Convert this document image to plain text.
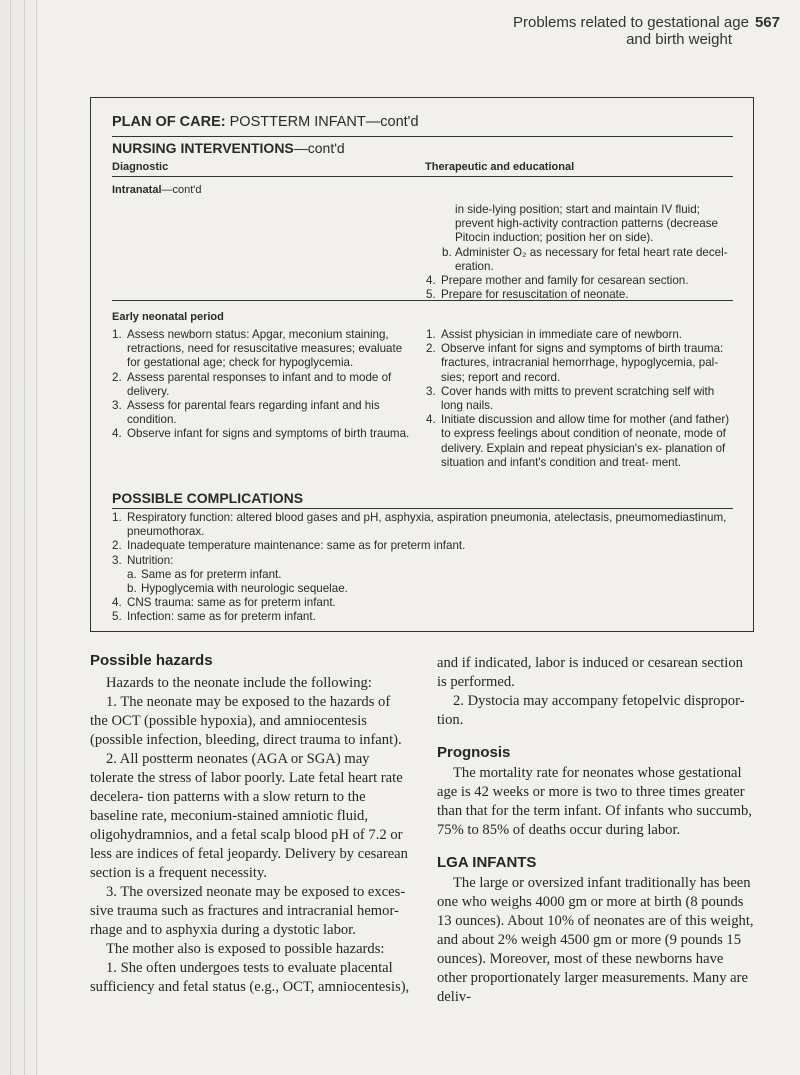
Problems related to gestational age 567
and birth weight
PLAN OF CARE: POSTTERM INFANT—cont'd
NURSING INTERVENTIONS—cont'd
Diagnostic	Therapeutic and educational
Intranatal—cont'd
in side-lying position; start and maintain IV fluid; prevent high-activity contraction patterns (decrease Pitocin induction; position her on side).
b. Administer O₂ as necessary for fetal heart rate decel- eration.
4. Prepare mother and family for cesarean section.
5. Prepare for resuscitation of neonate.
Early neonatal period
1. Assess newborn status: Apgar, meconium staining, retractions, need for resuscitative measures; evaluate for gestational age; check for hypoglycemia.
2. Assess parental responses to infant and to mode of delivery.
3. Assess for parental fears regarding infant and his condition.
4. Observe infant for signs and symptoms of birth trauma.
1. Assist physician in immediate care of newborn.
2. Observe infant for signs and symptoms of birth trauma: fractures, intracranial hemorrhage, hypoglycemia, pal- sies; report and record.
3. Cover hands with mitts to prevent scratching self with long nails.
4. Initiate discussion and allow time for mother (and father) to express feelings about condition of neonate, mode of delivery. Explain and repeat physician's ex- planation of situation and infant's condition and treat- ment.
POSSIBLE COMPLICATIONS
1. Respiratory function: altered blood gases and pH, asphyxia, aspiration pneumonia, atelectasis, pneumomediastinum, pneumothorax.
2. Inadequate temperature maintenance: same as for preterm infant.
3. Nutrition:
a. Same as for preterm infant.
b. Hypoglycemia with neurologic sequelae.
4. CNS trauma: same as for preterm infant.
5. Infection: same as for preterm infant.
Possible hazards

Hazards to the neonate include the following:

1. The neonate may be exposed to the hazards of the OCT (possible hypoxia), and amniocentesis (possible infection, bleeding, direct trauma to infant).

2. All postterm neonates (AGA or SGA) may tolerate the stress of labor poorly. Late fetal heart rate decelera- tion patterns with a slow return to the baseline rate, meconium-stained amniotic fluid, oligohydramnios, and a fetal scalp blood pH of 7.2 or less are indices of fetal jeopardy. Delivery by cesarean section is a frequent necessity.

3. The oversized neonate may be exposed to exces- sive trauma such as fractures and intracranial hemor- rhage and to asphyxia during a dystotic labor.

The mother also is exposed to possible hazards:

1. She often undergoes tests to evaluate placental sufficiency and fetal status (e.g., OCT, amniocentesis),

and if indicated, labor is induced or cesarean section is performed.

2. Dystocia may accompany fetopelvic dispropor- tion.

Prognosis

The mortality rate for neonates whose gestational age is 42 weeks or more is two to three times greater than that for the term infant. Of infants who succumb, 75% to 85% of deaths occur during labor.

LGA INFANTS

The large or oversized infant traditionally has been one who weighs 4000 gm or more at birth (8 pounds 13 ounces). About 10% of neonates are of this weight, and about 2% weigh 4500 gm or more (9 pounds 15 ounces). Moreover, most of these newborns have other proportionately larger measurements. Many are deliv-
